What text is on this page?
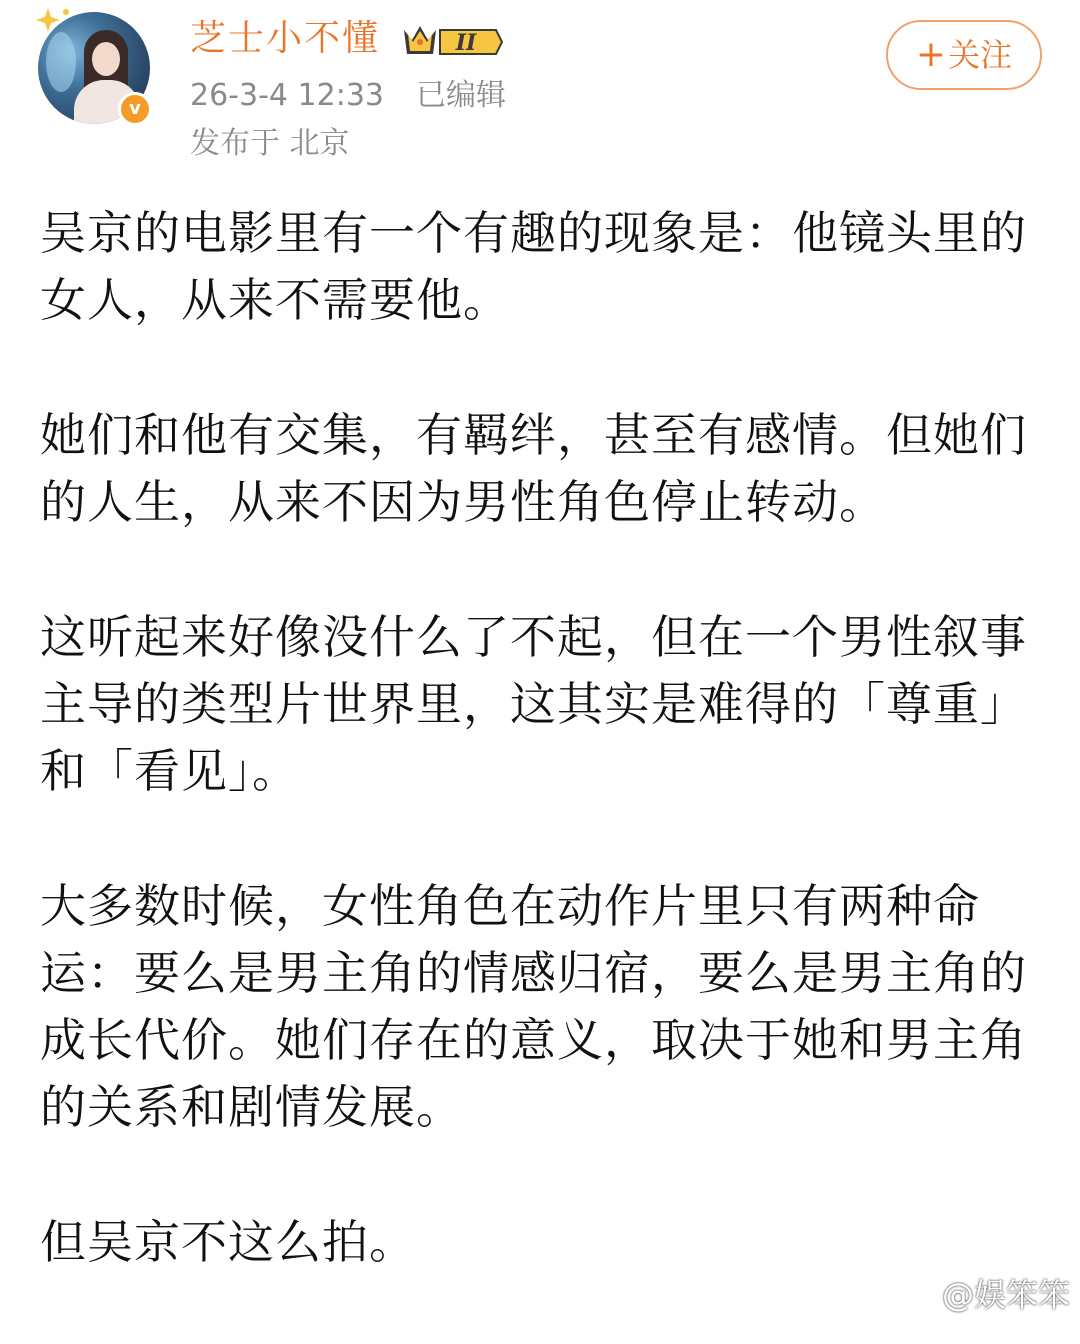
v
芝士小不懂	II
26-3-4 12:33 已编辑
发布于 北京
+关注

吴京的电影里有一个有趣的现象是：他镜头里的女人，从来不需要他。

她们和他有交集，有羁绊，甚至有感情。但她们的人生，从来不因为男性角色停止转动。

这听起来好像没什么了不起，但在一个男性叙事主导的类型片世界里，这其实是难得的「尊重」和「看见」。

大多数时候，女性角色在动作片里只有两种命运：要么是男主角的情感归宿，要么是男主角的成长代价。她们存在的意义，取决于她和男主角的关系和剧情发展。

但吴京不这么拍。

@娱笨笨
